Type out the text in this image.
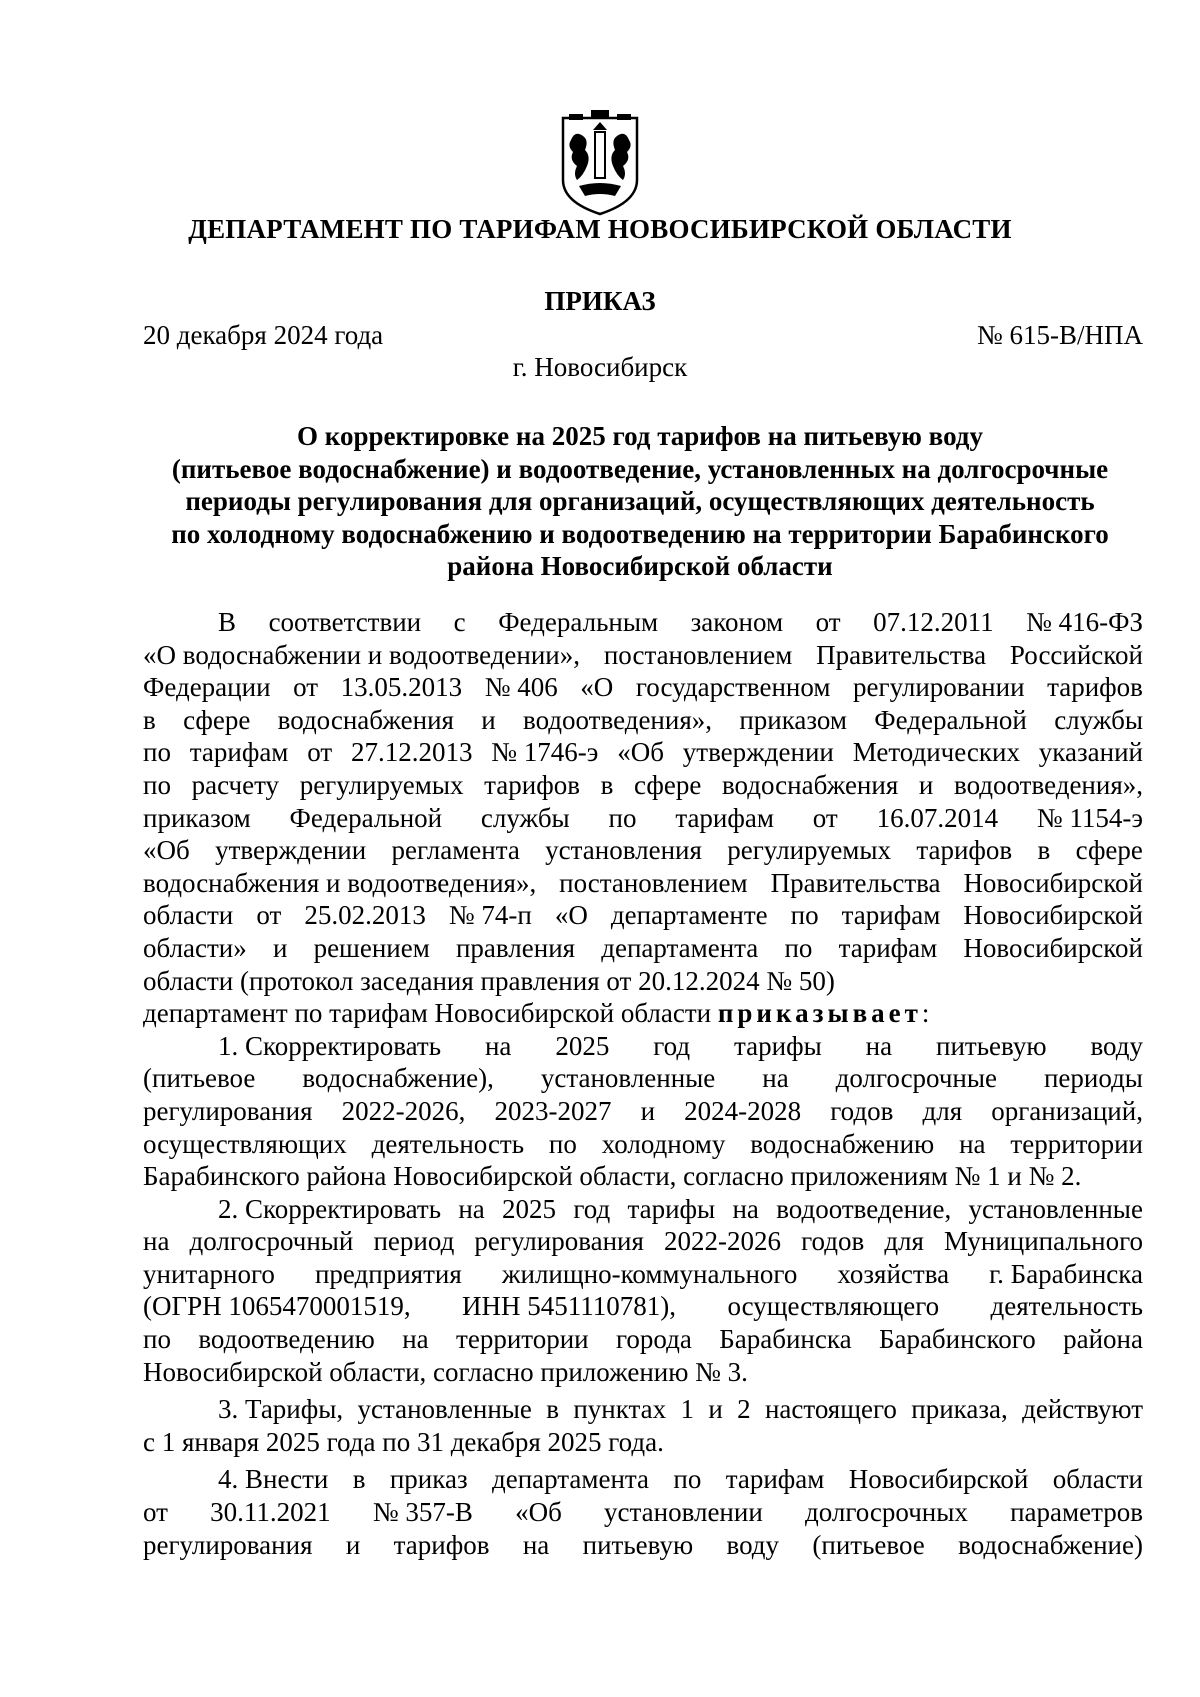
ДЕПАРТАМЕНТ ПО ТАРИФАМ НОВОСИБИРСКОЙ ОБЛАСТИ
ПРИКАЗ
20 декабря 2024 года	№ 615-В/НПА
г. Новосибирск
О корректировке на 2025 год тарифов на питьевую воду
(питьевое водоснабжение) и водоотведение, установленных на долгосрочные
периоды регулирования для организаций, осуществляющих деятельность
по холодному водоснабжению и водоотведению на территории Барабинского
района Новосибирской области
В соответствии с Федеральным законом от 07.12.2011 № 416-ФЗ
«О водоснабжении и водоотведении», постановлением Правительства Российской
Федерации от 13.05.2013 № 406 «О государственном регулировании тарифов
в сфере водоснабжения и водоотведения», приказом Федеральной службы
по тарифам от 27.12.2013 № 1746-э «Об утверждении Методических указаний
по расчету регулируемых тарифов в сфере водоснабжения и водоотведения»,
приказом Федеральной службы по тарифам от 16.07.2014 № 1154-э
«Об утверждении регламента установления регулируемых тарифов в сфере
водоснабжения и водоотведения», постановлением Правительства Новосибирской
области от 25.02.2013 № 74-п «О департаменте по тарифам Новосибирской
области» и решением правления департамента по тарифам Новосибирской
области (протокол заседания правления от 20.12.2024 № 50)
департамент по тарифам Новосибирской области приказывает :
1. Скорректировать на 2025 год тарифы на питьевую воду
(питьевое водоснабжение), установленные на долгосрочные периоды
регулирования 2022-2026, 2023-2027 и 2024-2028 годов для организаций,
осуществляющих деятельность по холодному водоснабжению на территории
Барабинского района Новосибирской области, согласно приложениям № 1 и № 2.
2. Скорректировать на 2025 год тарифы на водоотведение, установленные
на долгосрочный период регулирования 2022-2026 годов для Муниципального
унитарного предприятия жилищно-коммунального хозяйства г. Барабинска
(ОГРН 1065470001519, ИНН 5451110781), осуществляющего деятельность
по водоотведению на территории города Барабинска Барабинского района
Новосибирской области, согласно приложению № 3.
3. Тарифы, установленные в пунктах 1 и 2 настоящего приказа, действуют
с 1 января 2025 года по 31 декабря 2025 года.
4. Внести в приказ департамента по тарифам Новосибирской области
от 30.11.2021 № 357-В «Об установлении долгосрочных параметров
регулирования и тарифов на питьевую воду (питьевое водоснабжение)
